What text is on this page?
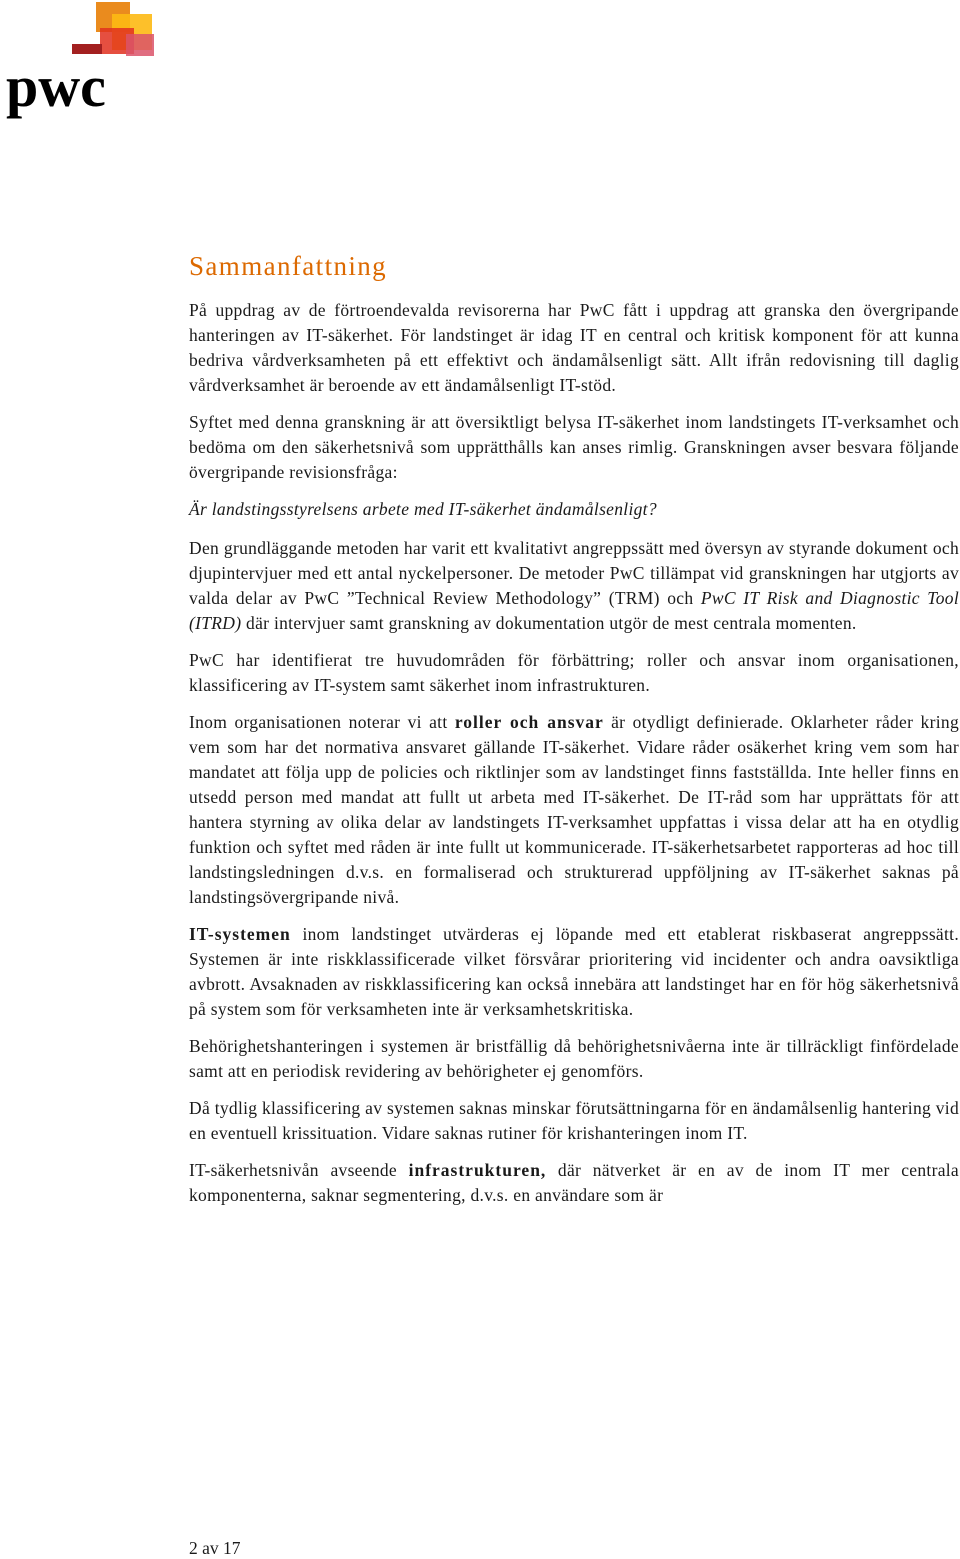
pwc
Sammanfattning

På uppdrag av de förtroendevalda revisorerna har PwC fått i uppdrag att granska den övergripande hanteringen av IT-säkerhet. För landstinget är idag IT en central och kritisk komponent för att kunna bedriva vårdverksamheten på ett effektivt och ändamålsenligt sätt. Allt ifrån redovisning till daglig vårdverksamhet är beroende av ett ändamålsenligt IT-stöd.

Syftet med denna granskning är att översiktligt belysa IT-säkerhet inom landstingets IT-verksamhet och bedöma om den säkerhetsnivå som upprätthålls kan anses rimlig. Granskningen avser besvara följande övergripande revisionsfråga:

Är landstingsstyrelsens arbete med IT-säkerhet ändamålsenligt?

Den grundläggande metoden har varit ett kvalitativt angreppssätt med översyn av styrande dokument och djupintervjuer med ett antal nyckelpersoner. De metoder PwC tillämpat vid granskningen har utgjorts av valda delar av PwC ”Technical Review Methodology” (TRM) och PwC IT Risk and Diagnostic Tool (ITRD) där intervjuer samt granskning av dokumentation utgör de mest centrala momenten.

PwC har identifierat tre huvudområden för förbättring; roller och ansvar inom organisationen, klassificering av IT-system samt säkerhet inom infrastrukturen.

Inom organisationen noterar vi att roller och ansvar är otydligt definierade. Oklarheter råder kring vem som har det normativa ansvaret gällande IT-säkerhet. Vidare råder osäkerhet kring vem som har mandatet att följa upp de policies och riktlinjer som av landstinget finns fastställda. Inte heller finns en utsedd person med mandat att fullt ut arbeta med IT-säkerhet. De IT-råd som har upprättats för att hantera styrning av olika delar av landstingets IT-verksamhet uppfattas i vissa delar att ha en otydlig funktion och syftet med råden är inte fullt ut kommunicerade. IT-säkerhetsarbetet rapporteras ad hoc till landstingsledningen d.v.s. en formaliserad och strukturerad uppföljning av IT-säkerhet saknas på landstingsövergripande nivå.

IT-systemen inom landstinget utvärderas ej löpande med ett etablerat riskbaserat angreppssätt. Systemen är inte riskklassificerade vilket försvårar prioritering vid incidenter och andra oavsiktliga avbrott. Avsaknaden av riskklassificering kan också innebära att landstinget har en för hög säkerhetsnivå på system som för verksamheten inte är verksamhetskritiska.

Behörighetshanteringen i systemen är bristfällig då behörighetsnivåerna inte är tillräckligt finfördelade samt att en periodisk revidering av behörigheter ej genomförs.

Då tydlig klassificering av systemen saknas minskar förutsättningarna för en ändamålsenlig hantering vid en eventuell krissituation. Vidare saknas rutiner för krishanteringen inom IT.

IT-säkerhetsnivån avseende infrastrukturen, där nätverket är en av de inom IT mer centrala komponenterna, saknar segmentering, d.v.s. en användare som är

2 av 17
